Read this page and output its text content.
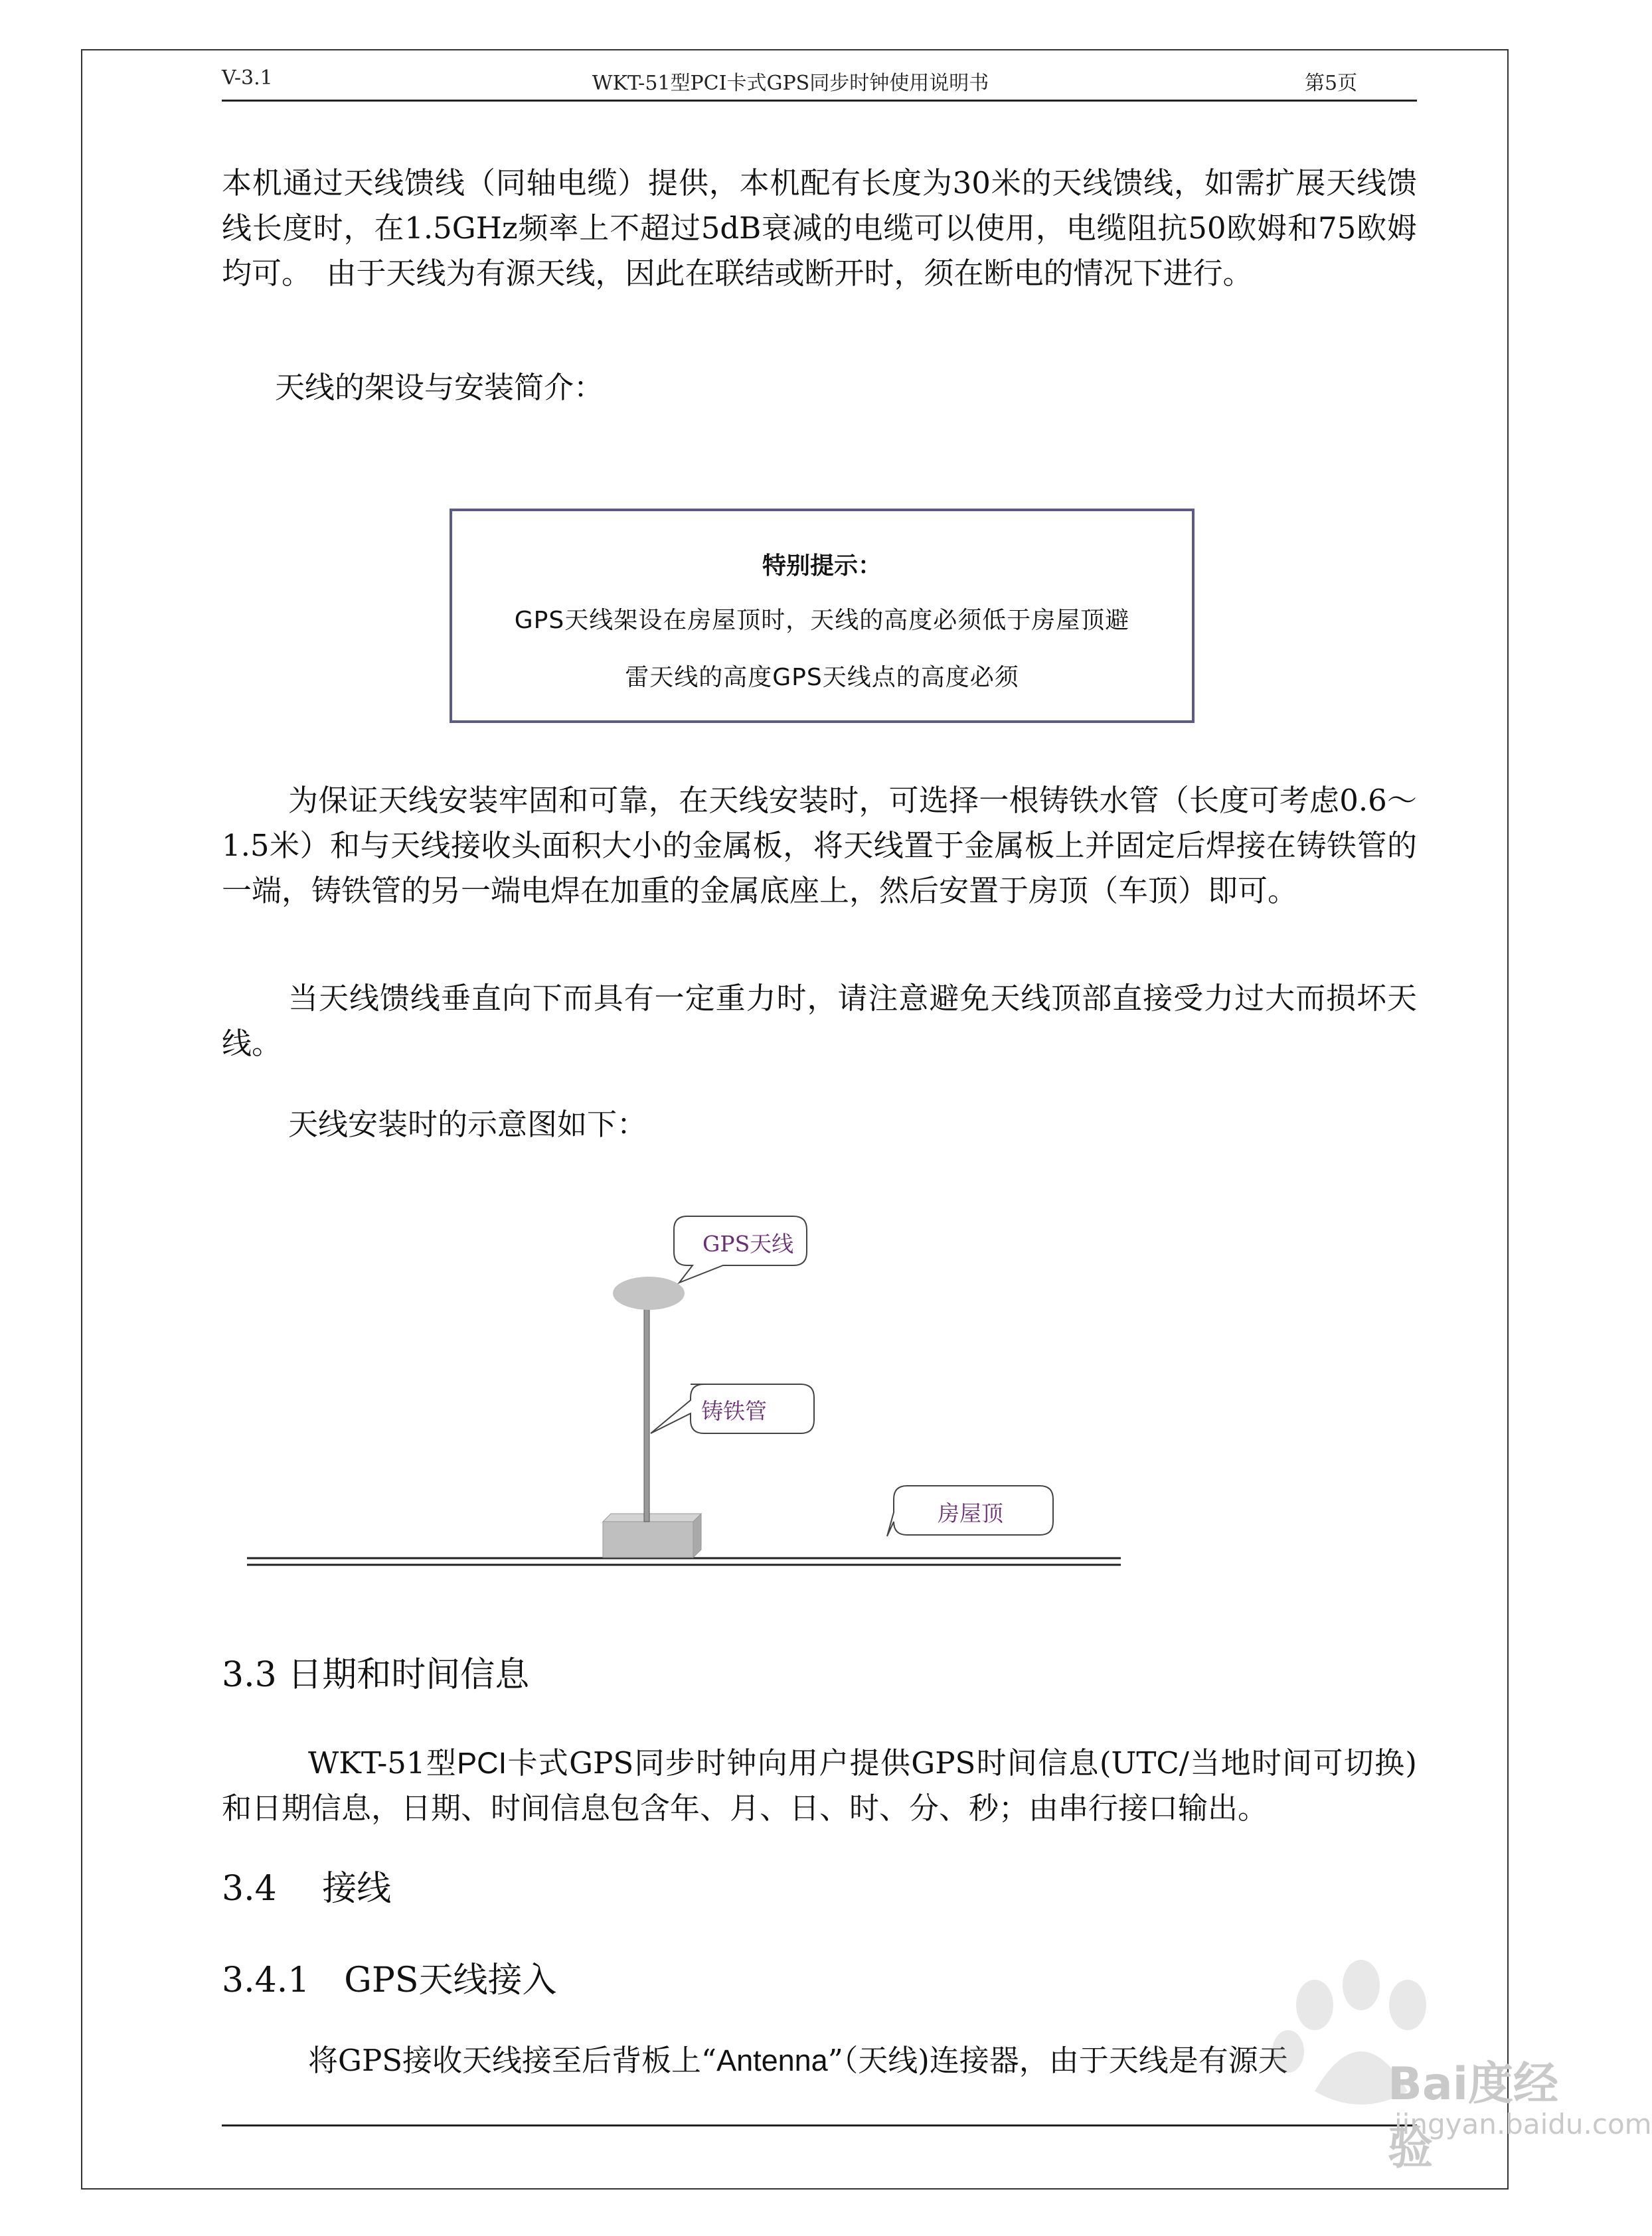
V-3.1	WKT-51型PCI卡式GPS同步时钟使用说明书	第5页

本机通过天线馈线（同轴电缆）提供，本机配有长度为30米的天线馈线，如需扩展天线馈线长度时，在1.5GHz频率上不超过5dB衰减的电缆可以使用，电缆阻抗50欧姆和75欧姆均可。　由于天线为有源天线，因此在联结或断开时，须在断电的情况下进行。

天线的架设与安装简介：

特别提示：
GPS天线架设在房屋顶时，天线的高度必须低于房屋顶避
雷天线的高度GPS天线点的高度必须

为保证天线安装牢固和可靠，在天线安装时，可选择一根铸铁水管（长度可考虑0.6～1.5米）和与天线接收头面积大小的金属板，将天线置于金属板上并固定后焊接在铸铁管的一端，铸铁管的另一端电焊在加重的金属底座上，然后安置于房顶（车顶）即可。

当天线馈线垂直向下而具有一定重力时，请注意避免天线顶部直接受力过大而损坏天线。

天线安装时的示意图如下：

GPS天线
铸铁管
房屋顶
3.3 日期和时间信息

WKT-51型PCI卡式GPS同步时钟向用户提供GPS时间信息(UTC/当地时间可切换)和日期信息，日期、时间信息包含年、月、日、时、分、秒；由串行接口输出。

3.4　 接线
3.4.1　GPS天线接入

将GPS接收天线接至后背板上“Antenna”（天线)连接器，由于天线是有源天	Bai度经验
jingyan.baidu.com
